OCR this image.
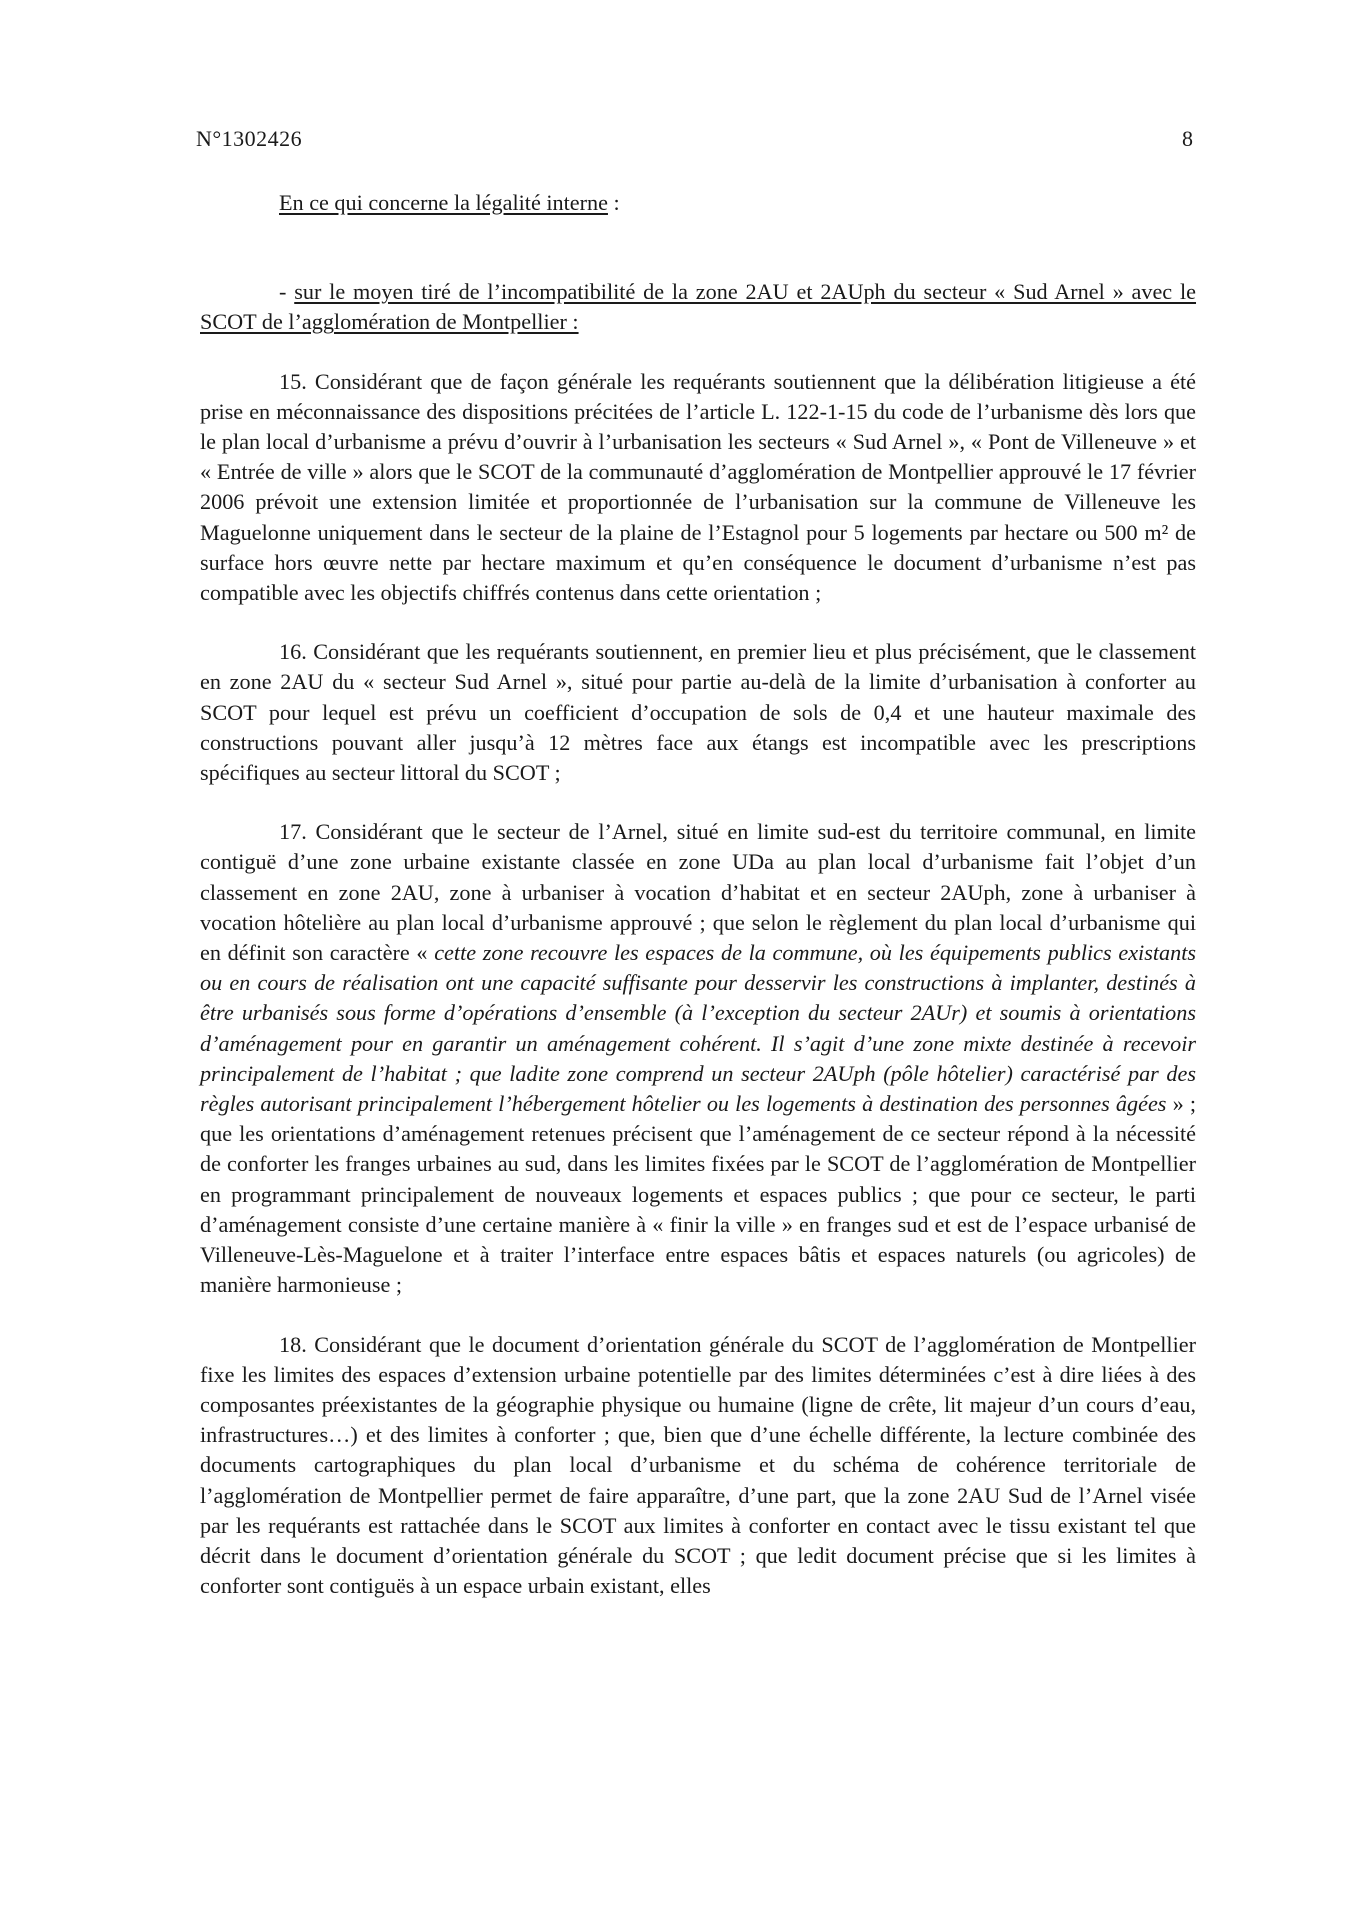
N°1302426	8

En ce qui concerne la légalité interne :

- sur le moyen tiré de l’incompatibilité de la zone 2AU et 2AUph du secteur « Sud Arnel » avec le SCOT de l’agglomération de Montpellier :

15. Considérant que de façon générale les requérants soutiennent que la délibération litigieuse a été prise en méconnaissance des dispositions précitées de l’article L. 122-1-15 du code de l’urbanisme dès lors que le plan local d’urbanisme a prévu d’ouvrir à l’urbanisation les secteurs « Sud Arnel », « Pont de Villeneuve » et « Entrée de ville » alors que le SCOT de la communauté d’agglomération de Montpellier approuvé le 17 février 2006 prévoit une extension limitée et proportionnée de l’urbanisation sur la commune de Villeneuve les Maguelonne uniquement dans le secteur de la plaine de l’Estagnol pour 5 logements par hectare ou 500 m² de surface hors œuvre nette par hectare maximum et qu’en conséquence le document d’urbanisme n’est pas compatible avec les objectifs chiffrés contenus dans cette orientation ;

16. Considérant que les requérants soutiennent, en premier lieu et plus précisément, que le classement en zone 2AU du « secteur Sud Arnel », situé pour partie au-delà de la limite d’urbanisation à conforter au SCOT pour lequel est prévu un coefficient d’occupation de sols de 0,4 et une hauteur maximale des constructions pouvant aller jusqu’à 12 mètres face aux étangs est incompatible avec les prescriptions spécifiques au secteur littoral du SCOT ;

17. Considérant que le secteur de l’Arnel, situé en limite sud-est du territoire communal, en limite contiguë d’une zone urbaine existante classée en zone UDa au plan local d’urbanisme fait l’objet d’un classement en zone 2AU, zone à urbaniser à vocation d’habitat et en secteur 2AUph, zone à urbaniser à vocation hôtelière au plan local d’urbanisme approuvé ; que selon le règlement du plan local d’urbanisme qui en définit son caractère « cette zone recouvre les espaces de la commune, où les équipements publics existants ou en cours de réalisation ont une capacité suffisante pour desservir les constructions à implanter, destinés à être urbanisés sous forme d’opérations d’ensemble (à l’exception du secteur 2AUr) et soumis à orientations d’aménagement pour en garantir un aménagement cohérent. Il s’agit d’une zone mixte destinée à recevoir principalement de l’habitat ; que ladite zone comprend un secteur 2AUph (pôle hôtelier) caractérisé par des règles autorisant principalement l’hébergement hôtelier ou les logements à destination des personnes âgées » ; que les orientations d’aménagement retenues précisent que l’aménagement de ce secteur répond à la nécessité de conforter les franges urbaines au sud, dans les limites fixées par le SCOT de l’agglomération de Montpellier en programmant principalement de nouveaux logements et espaces publics ; que pour ce secteur, le parti d’aménagement consiste d’une certaine manière à « finir la ville » en franges sud et est de l’espace urbanisé de Villeneuve-Lès-Maguelone et à traiter l’interface entre espaces bâtis et espaces naturels (ou agricoles) de manière harmonieuse ;

18. Considérant que le document d’orientation générale du SCOT de l’agglomération de Montpellier fixe les limites des espaces d’extension urbaine potentielle par des limites déterminées c’est à dire liées à des composantes préexistantes de la géographie physique ou humaine (ligne de crête, lit majeur d’un cours d’eau, infrastructures…) et des limites à conforter ; que, bien que d’une échelle différente, la lecture combinée des documents cartographiques du plan local d’urbanisme et du schéma de cohérence territoriale de l’agglomération de Montpellier permet de faire apparaître, d’une part, que la zone 2AU Sud de l’Arnel visée par les requérants est rattachée dans le SCOT aux limites à conforter en contact avec le tissu existant tel que décrit dans le document d’orientation générale du SCOT ; que ledit document précise que si les limites à conforter sont contiguës à un espace urbain existant, elles
